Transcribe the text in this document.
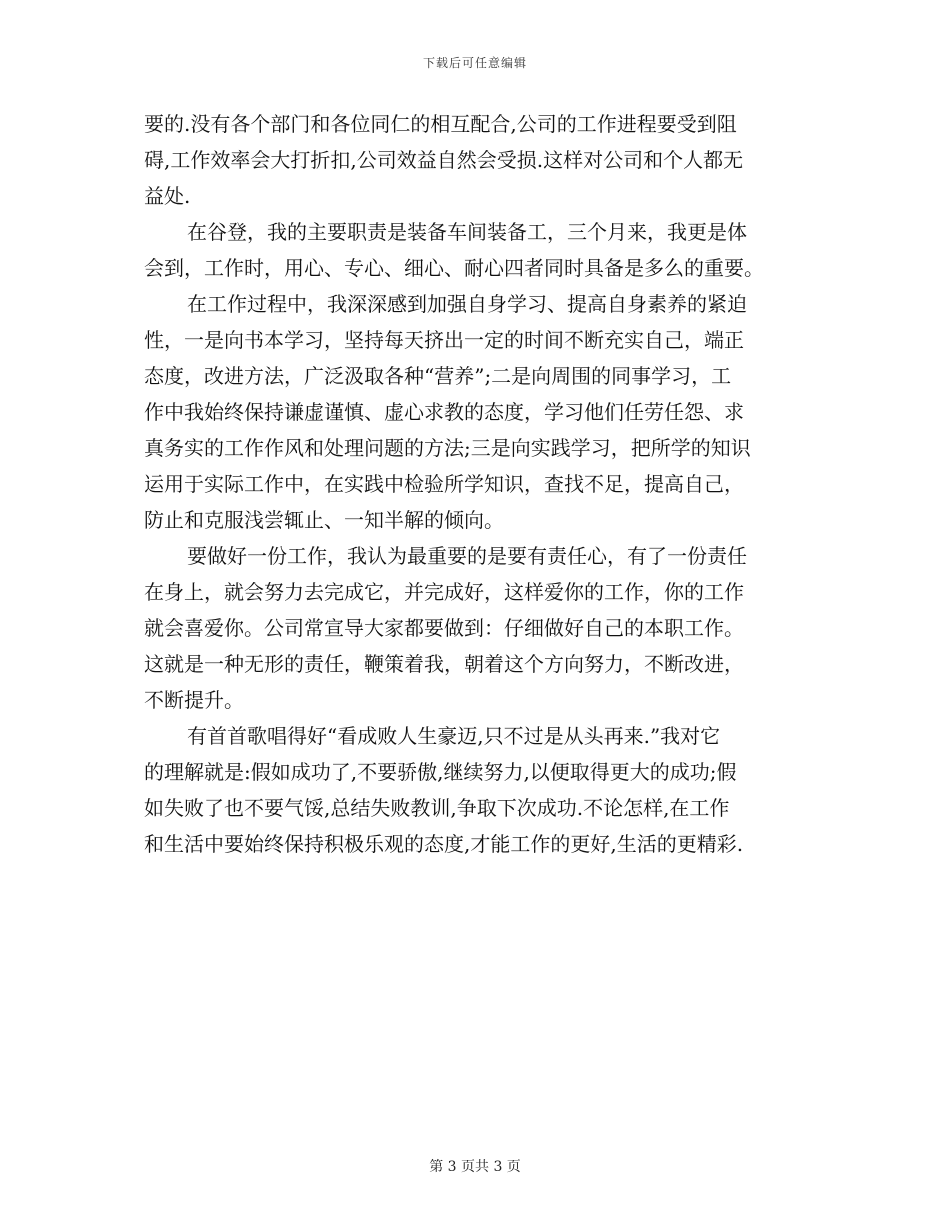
下载后可任意编辑
要的.没有各个部门和各位同仁的相互配合,公司的工作进程要受到阻
碍,工作效率会大打折扣,公司效益自然会受损.这样对公司和个人都无
益处.
在谷登，我的主要职责是装备车间装备工，三个月来，我更是体
会到，工作时，用心、专心、细心、耐心四者同时具备是多么的重要。
在工作过程中，我深深感到加强自身学习、提高自身素养的紧迫
性，一是向书本学习，坚持每天挤出一定的时间不断充实自己，端正
态度，改进方法，广泛汲取各种“营养”;二是向周围的同事学习，工
作中我始终保持谦虚谨慎、虚心求教的态度，学习他们任劳任怨、求
真务实的工作作风和处理问题的方法;三是向实践学习，把所学的知识
运用于实际工作中，在实践中检验所学知识，查找不足，提高自己，
防止和克服浅尝辄止、一知半解的倾向。
要做好一份工作，我认为最重要的是要有责任心，有了一份责任
在身上，就会努力去完成它，并完成好，这样爱你的工作，你的工作
就会喜爱你。公司常宣导大家都要做到：仔细做好自己的本职工作。
这就是一种无形的责任，鞭策着我，朝着这个方向努力，不断改进，
不断提升。
有首首歌唱得好“看成败人生豪迈,只不过是从头再来.”我对它
的理解就是:假如成功了,不要骄傲,继续努力,以便取得更大的成功;假
如失败了也不要气馁,总结失败教训,争取下次成功.不论怎样,在工作
和生活中要始终保持积极乐观的态度,才能工作的更好,生活的更精彩.
第 3 页共 3 页
